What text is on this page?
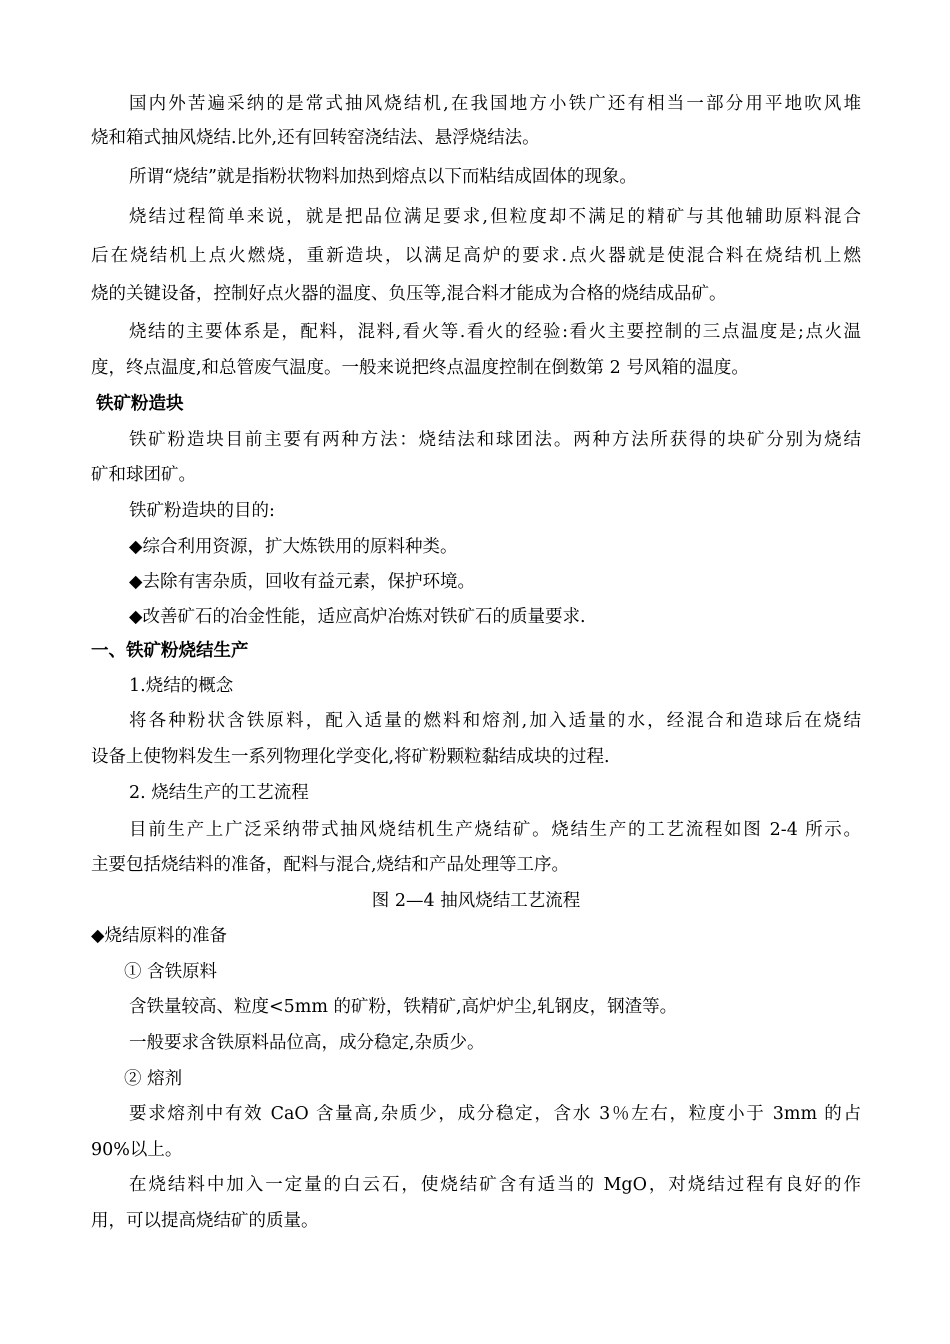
国内外苦遍采纳的是常式抽风烧结机,在我国地方小铁广还有相当一部分用平地吹风堆
烧和箱式抽风烧结.比外,还有回转窑浇结法、悬浮烧结法。
所谓“烧结”就是指粉状物料加热到熔点以下而粘结成固体的现象。
烧结过程简单来说，就是把品位满足要求,但粒度却不满足的精矿与其他辅助原料混合
后在烧结机上点火燃烧，重新造块，以满足高炉的要求.点火器就是使混合料在烧结机上燃
烧的关键设备，控制好点火器的温度、负压等,混合料才能成为合格的烧结成品矿。
烧结的主要体系是，配料，混料,看火等.看火的经验:看火主要控制的三点温度是;点火温
度，终点温度,和总管废气温度。一般来说把终点温度控制在倒数第 2 号风箱的温度。
铁矿粉造块
铁矿粉造块目前主要有两种方法：烧结法和球团法。两种方法所获得的块矿分别为烧结
矿和球团矿。
铁矿粉造块的目的:
◆综合利用资源，扩大炼铁用的原料种类。
◆去除有害杂质，回收有益元素，保护环境。
◆改善矿石的冶金性能，适应高炉冶炼对铁矿石的质量要求.
一、铁矿粉烧结生产
1.烧结的概念
将各种粉状含铁原料，配入适量的燃料和熔剂,加入适量的水，经混合和造球后在烧结
设备上使物料发生一系列物理化学变化,将矿粉颗粒黏结成块的过程.
2. 烧结生产的工艺流程
目前生产上广泛采纳带式抽风烧结机生产烧结矿。烧结生产的工艺流程如图 2-4 所示。
主要包括烧结料的准备，配料与混合,烧结和产品处理等工序。
图 2—4 抽风烧结工艺流程
◆烧结原料的准备
① 含铁原料
含铁量较高、粒度<5mm 的矿粉，铁精矿,高炉炉尘,轧钢皮，钢渣等。
一般要求含铁原料品位高，成分稳定,杂质少。
② 熔剂
要求熔剂中有效 CaO 含量高,杂质少，成分稳定，含水 3％左右，粒度小于 3mm 的占
90%以上。
在烧结料中加入一定量的白云石，使烧结矿含有适当的 MgO，对烧结过程有良好的作
用，可以提高烧结矿的质量。
